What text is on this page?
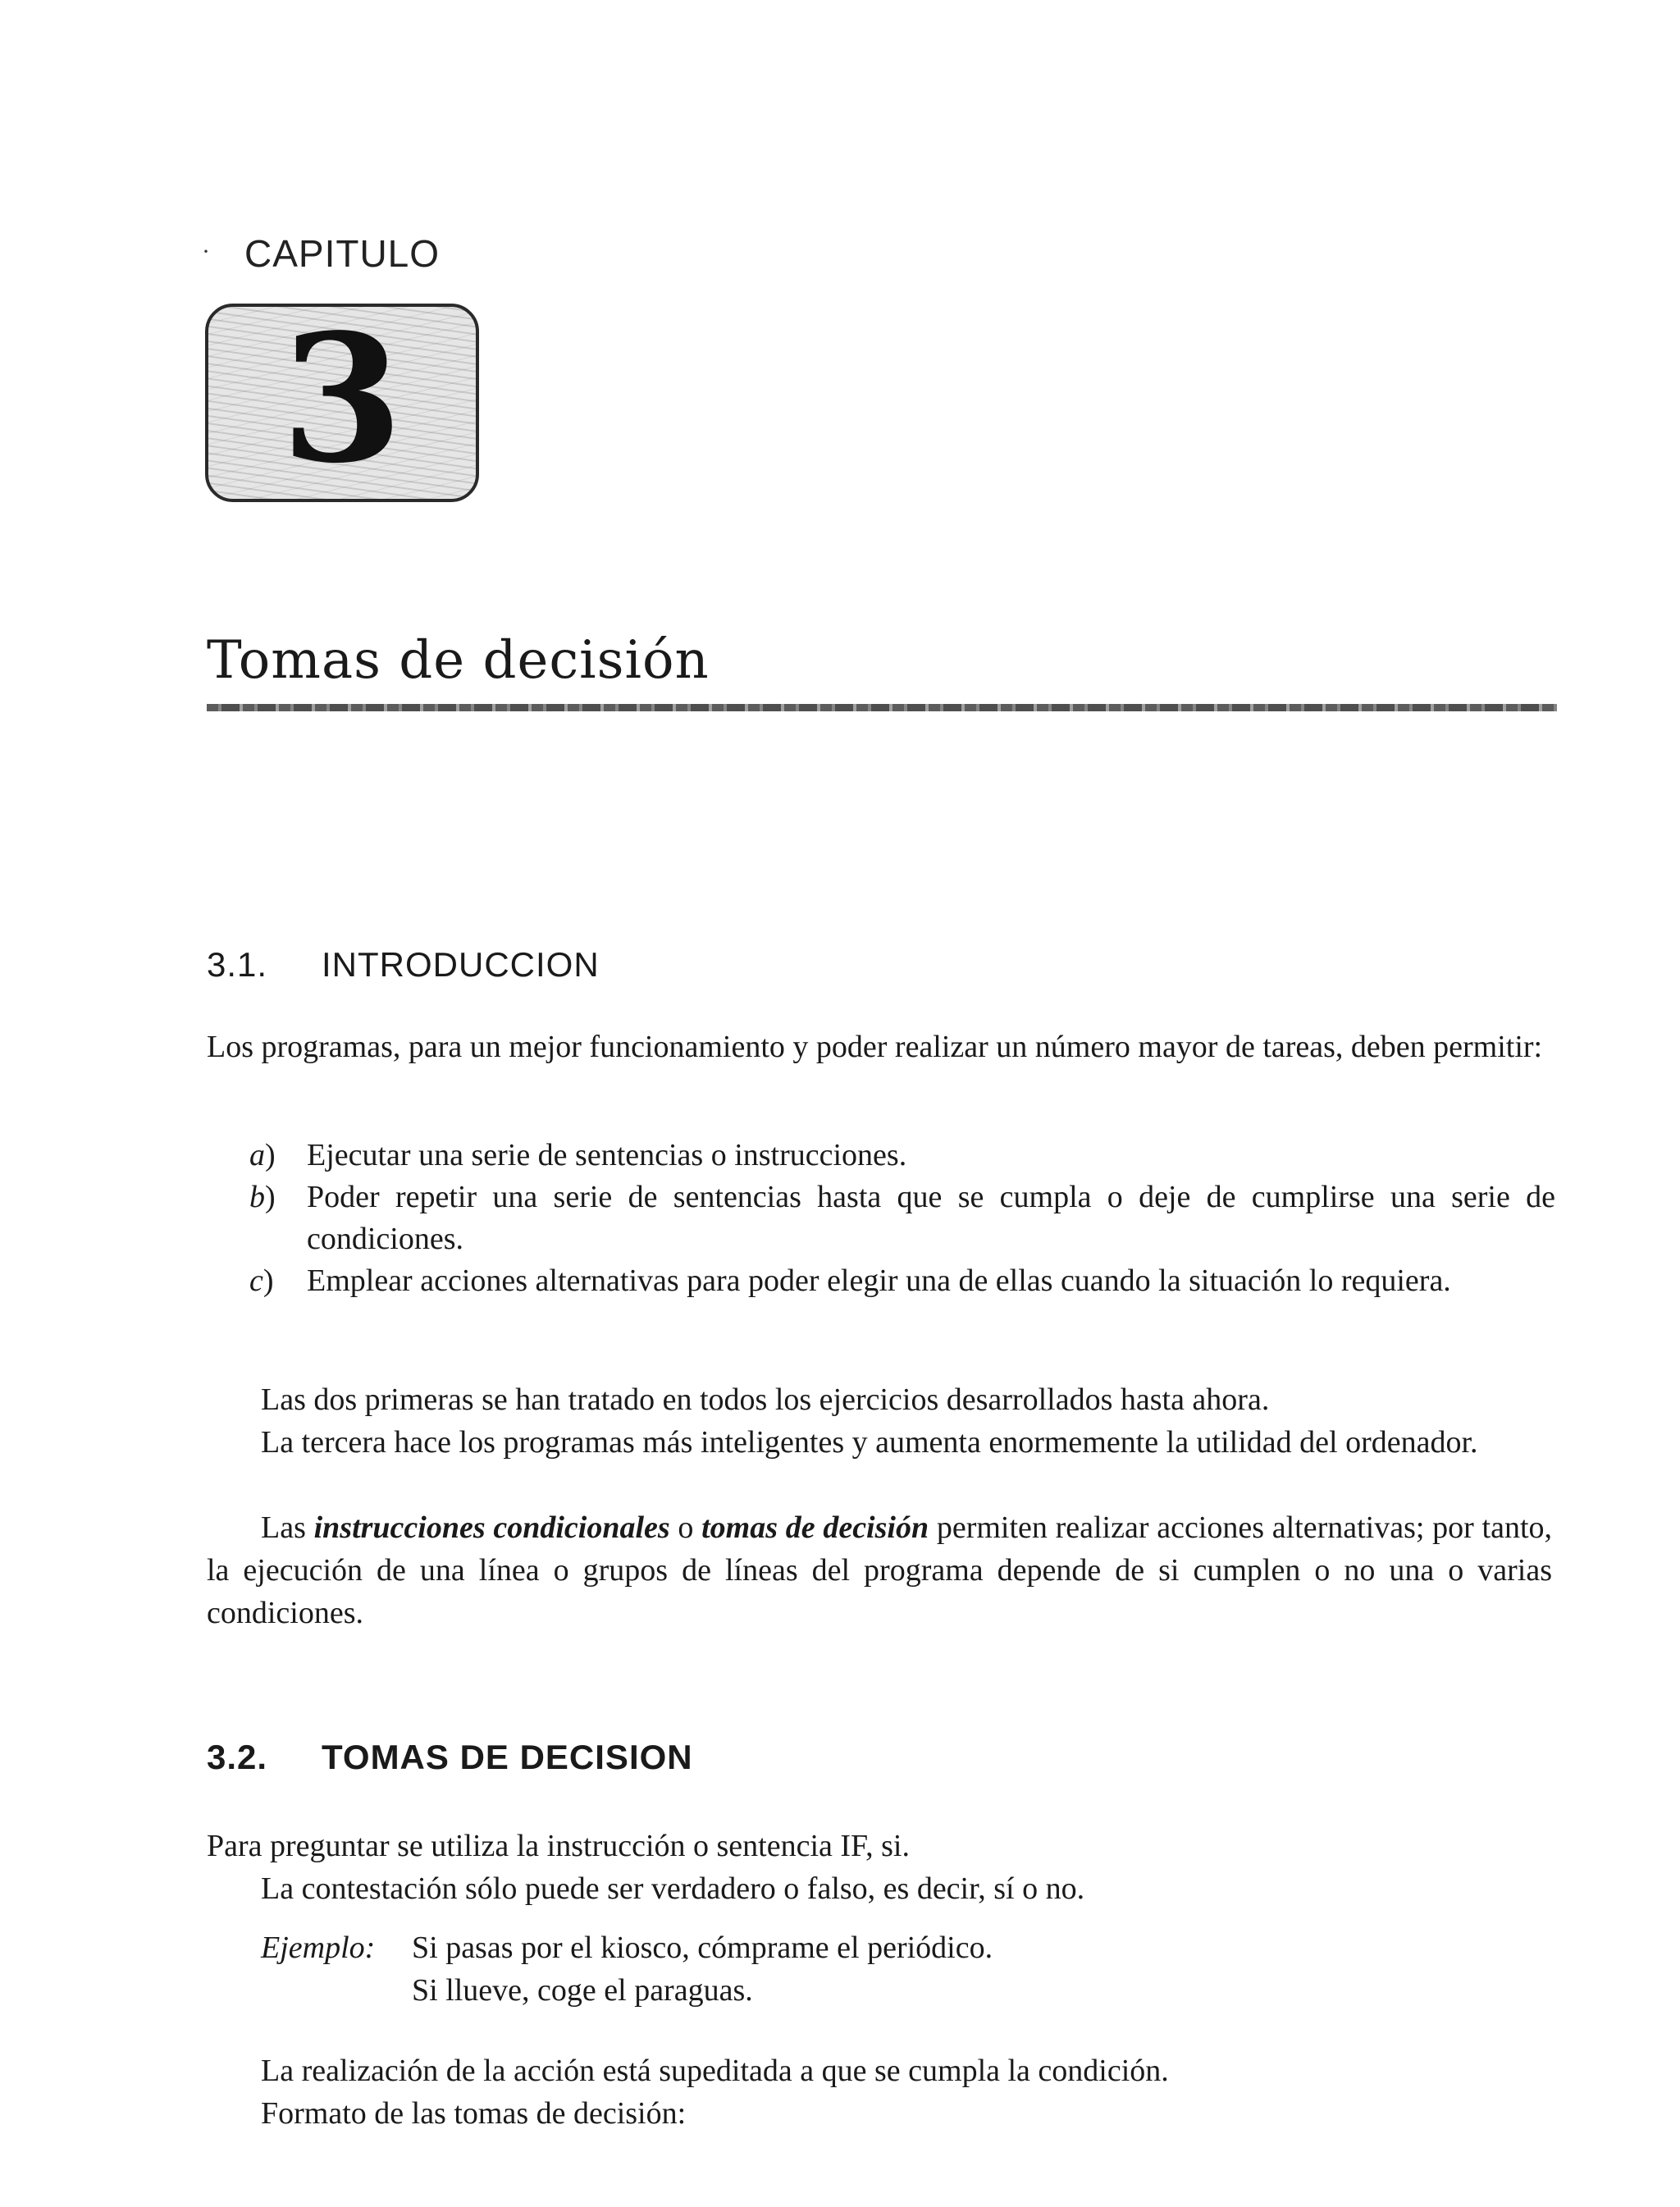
· CAPITULO
3
Tomas de decisión
3.1. INTRODUCCION
Los programas, para un mejor funcionamiento y poder realizar un número mayor de tareas, deben permitir:
a) Ejecutar una serie de sentencias o instrucciones.
b) Poder repetir una serie de sentencias hasta que se cumpla o deje de cumplirse una serie de condiciones.
c) Emplear acciones alternativas para poder elegir una de ellas cuando la situación lo requiera.
Las dos primeras se han tratado en todos los ejercicios desarrollados hasta ahora.
La tercera hace los programas más inteligentes y aumenta enormemente la utilidad del ordenador.
Las instrucciones condicionales o tomas de decisión permiten realizar acciones alternativas; por tanto, la ejecución de una línea o grupos de líneas del programa depende de si cumplen o no una o varias condiciones.
3.2. TOMAS DE DECISION
Para preguntar se utiliza la instrucción o sentencia IF, si.
La contestación sólo puede ser verdadero o falso, es decir, sí o no.
Ejemplo: Si pasas por el kiosco, cómprame el periódico.
Si llueve, coge el paraguas.
La realización de la acción está supeditada a que se cumpla la condición.
Formato de las tomas de decisión:
